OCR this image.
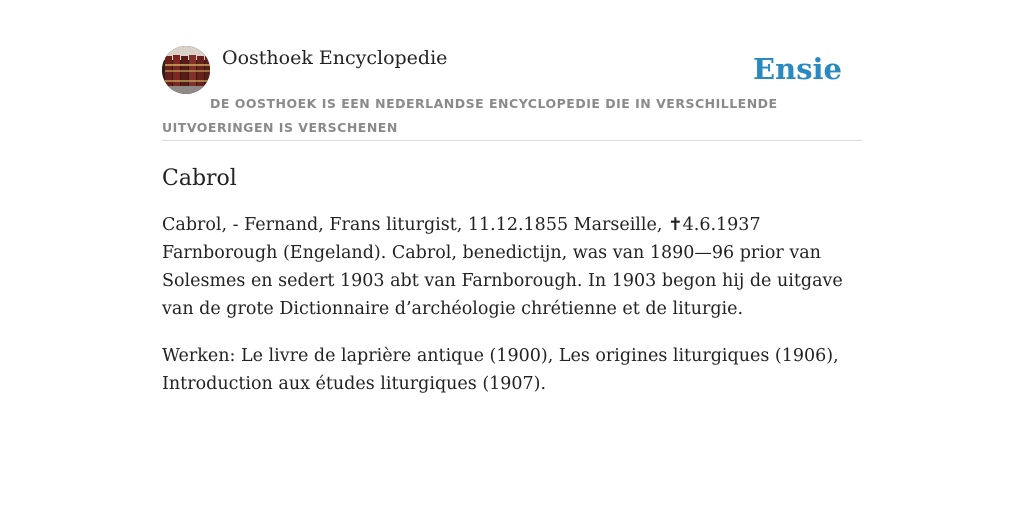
Oosthoek Encyclopedie	Ensie
DE OOSTHOEK IS EEN NEDERLANDSE ENCYCLOPEDIE DIE IN VERSCHILLENDE UITVOERINGEN IS VERSCHENEN
Cabrol

Cabrol, - Fernand, Frans liturgist, 11.12.1855 Marseille, ✝4.6.1937 Farnborough (Engeland). Cabrol, benedictijn, was van 1890—96 prior van Solesmes en sedert 1903 abt van Farnborough. In 1903 begon hij de uitgave van de grote Dictionnaire d’archéologie chrétienne et de liturgie.

Werken: Le livre de laprière antique (1900), Les origines liturgiques (1906), Introduction aux études liturgiques (1907).
